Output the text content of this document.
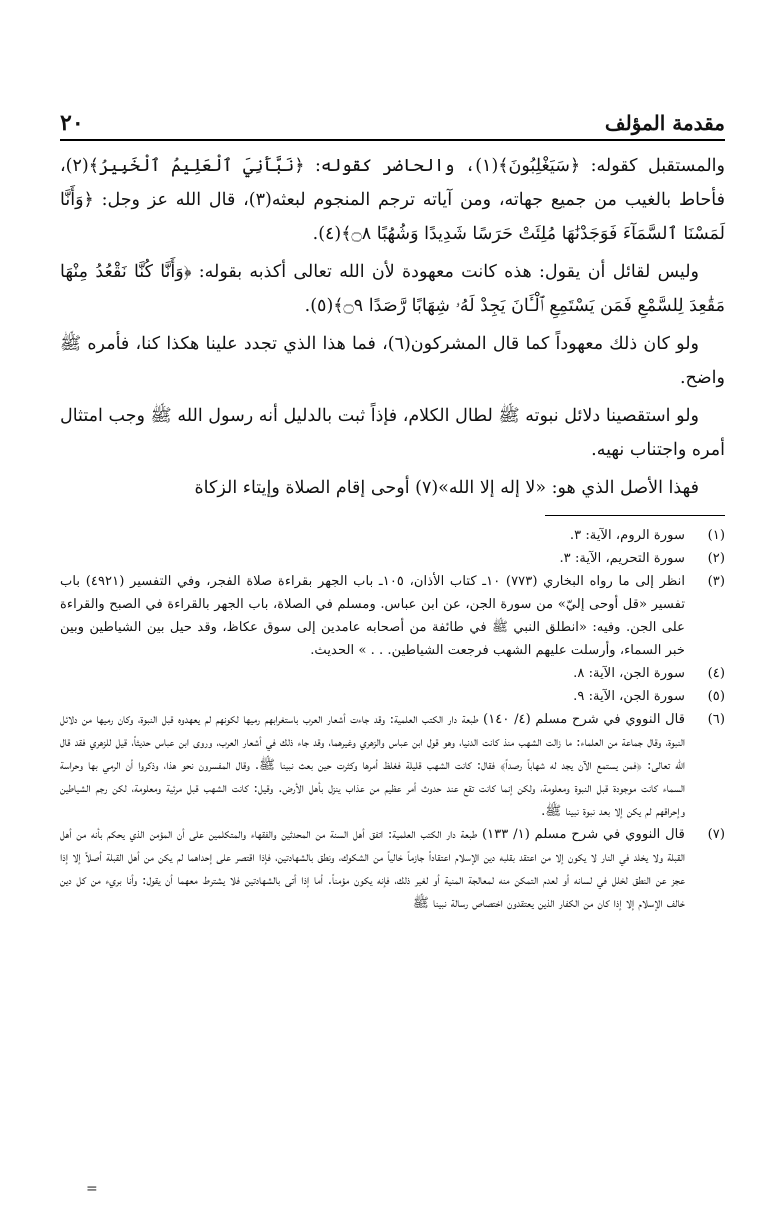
مقدمة المؤلف
٢٠

والمستقبل كقوله: ﴿سَيَغْلِبُونَ﴾(١)، والحاضر كقوله: ﴿نَبَّأَنِيَ ٱلْعَلِيمُ ٱلْخَبِيرُ﴾(٢)، فأحاط بالغيب من جميع جهاته، ومن آياته ترجم المنجوم لبعثه(٣)، قال الله عز وجل: ﴿وَأَنَّا لَمَسْنَا ٱلسَّمَآءَ فَوَجَدْنَٰهَا مُلِئَتْ حَرَسًا شَدِيدًا وَشُهُبًا ۝٨﴾(٤).

وليس لقائل أن يقول: هذه كانت معهودة لأن الله تعالى أكذبه بقوله: ﴿وَأَنَّا كُنَّا نَقْعُدُ مِنْهَا مَقَٰعِدَ لِلسَّمْعِ فَمَن يَسْتَمِعِ ٱلْـَٔانَ يَجِدْ لَهُۥ شِهَابًا رَّصَدًا ۝٩﴾(٥).

ولو كان ذلك معهوداً كما قال المشركون(٦)، فما هذا الذي تجدد علينا هكذا كنا، فأمره ﷺ واضح.

ولو استقصينا دلائل نبوته ﷺ لطال الكلام، فإذاً ثبت بالدليل أنه رسول الله ﷺ وجب امتثال أمره واجتناب نهيه.

فهذا الأصل الذي هو: «لا إله إلا الله»(٧) أوحى إقام الصلاة وإيتاء الزكاة

(١)
سورة الروم، الآية: ٣.
(٢)
سورة التحريم، الآية: ٣.
(٣)
انظر إلى ما رواه البخاري (٧٧٣) ١٠ـ كتاب الأذان، ١٠٥ـ باب الجهر بقراءة صلاة الفجر، وفي التفسير (٤٩٢١) باب تفسير «قل أوحى إليّ» من سورة الجن، عن ابن عباس. ومسلم في الصلاة، باب الجهر بالقراءة في الصبح والقراءة على الجن. وفيه: «انطلق النبي ﷺ في طائفة من أصحابه عامدين إلى سوق عكاظ، وقد حيل بين الشياطين وبين خبر السماء، وأرسلت عليهم الشهب فرجعت الشياطين. . . » الحديث.
(٤)
سورة الجن، الآية: ٨.
(٥)
سورة الجن، الآية: ٩.
(٦)
قال النووي في شرح مسلم (٤/ ١٤٠) طبعة دار الكتب العلمية: وقد جاءت أشعار العرب باستغرابهم رميها لكونهم لم يعهدوه قبل النبوة، وكان رميها من دلائل النبوة، وقال جماعة من العلماء: ما زالت الشهب منذ كانت الدنيا، وهو قول ابن عباس والزهري وغيرهما، وقد جاء ذلك في أشعار العرب، وروى ابن عباس حديثاً، قيل للزهري فقد قال الله تعالى: ﴿فمن يستمع الآن يجد له شهاباً رصداً﴾ فقال: كانت الشهب قليلة فغلظ أمرها وكثرت حين بعث نبينا ﷺ. وقال المفسرون نحو هذا، وذكروا أن الرمي بها وحراسة السماء كانت موجودة قبل النبوة ومعلومة، ولكن إنما كانت تقع عند حدوث أمر عظيم من عذاب ينزل بأهل الأرض. وقيل: كانت الشهب قبل مرئية ومعلومة، لكن رجم الشياطين وإحراقهم لم يكن إلا بعد نبوة نبينا ﷺ.
(٧)
قال النووي في شرح مسلم (١/ ١٣٣) طبعة دار الكتب العلمية: اتفق أهل السنة من المحدثين والفقهاء والمتكلمين على أن المؤمن الذي يحكم بأنه من أهل القبلة ولا يخلد في النار لا يكون إلا من اعتقد بقلبه دين الإسلام اعتقاداً جازماً خالياً من الشكوك، ونطق بالشهادتين، فإذا اقتصر على إحداهما لم يكن من أهل القبلة أصلاً إلا إذا عجز عن النطق لخلل في لسانه أو لعدم التمكن منه لمعالجة المنية أو لغير ذلك، فإنه يكون مؤمناً. أما إذا أتى بالشهادتين فلا يشترط معهما أن يقول: وأنا بريء من كل دين خالف الإسلام إلا إذا كان من الكفار الذين يعتقدون اختصاص رسالة نبينا ﷺ
=
